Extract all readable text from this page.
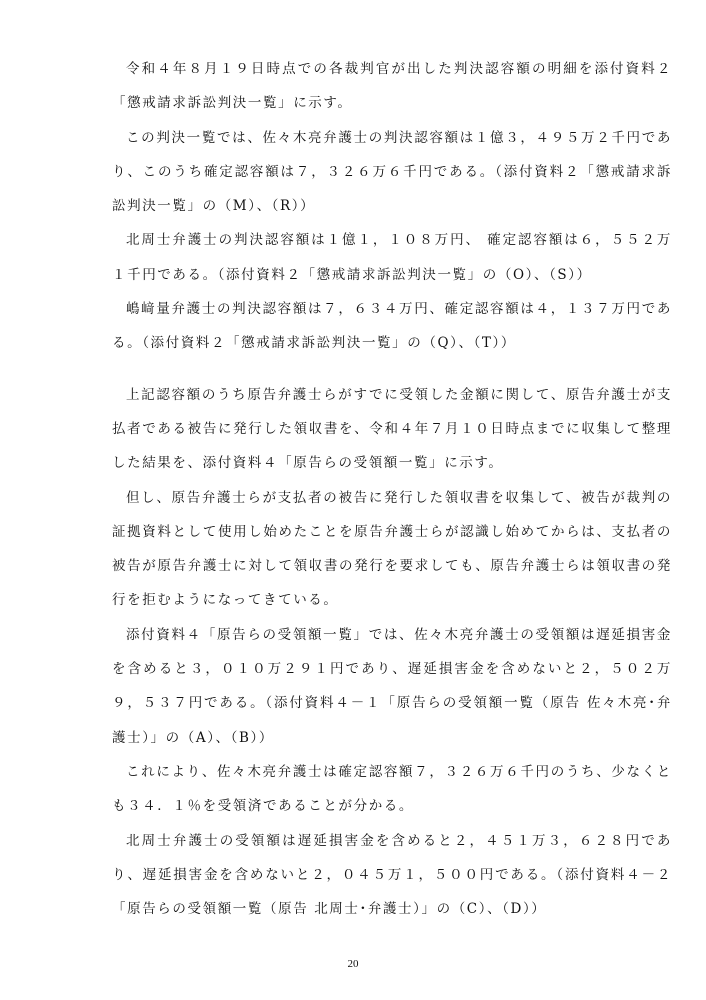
令和４年８月１９日時点での各裁判官が出した判決認容額の明細を添付資料２「懲戒請求訴訟判決一覧」に示す。

この判決一覧では、佐々木亮弁護士の判決認容額は１億３，４９５万２千円であり、このうち確定認容額は７，３２６万６千円である。（添付資料２「懲戒請求訴訟判決一覧」の（M）、（R））

北周士弁護士の判決認容額は１億１，１０８万円、 確定認容額は６，５５２万１千円である。（添付資料２「懲戒請求訴訟判決一覧」の（O）、（S））

嶋﨑量弁護士の判決認容額は７，６３４万円、確定認容額は４，１３７万円である。（添付資料２「懲戒請求訴訟判決一覧」の（Q）、（T））

上記認容額のうち原告弁護士らがすでに受領した金額に関して、原告弁護士が支払者である被告に発行した領収書を、令和４年７月１０日時点までに収集して整理した結果を、添付資料４「原告らの受領額一覧」に示す。

但し、原告弁護士らが支払者の被告に発行した領収書を収集して、被告が裁判の証拠資料として使用し始めたことを原告弁護士らが認識し始めてからは、支払者の被告が原告弁護士に対して領収書の発行を要求しても、原告弁護士らは領収書の発行を拒むようになってきている。

添付資料４「原告らの受領額一覧」では、佐々木亮弁護士の受領額は遅延損害金を含めると３，０１０万２９１円であり、遅延損害金を含めないと２，５０２万９，５３７円である。（添付資料４－１「原告らの受領額一覧（原告 佐々木亮･弁護士）」の（A）、（B））

これにより、佐々木亮弁護士は確定認容額７，３２６万６千円のうち、少なくとも３４．１％を受領済であることが分かる。

北周士弁護士の受領額は遅延損害金を含めると２，４５１万３，６２８円であり、遅延損害金を含めないと２，０４５万１，５００円である。（添付資料４－２「原告らの受領額一覧（原告 北周士･弁護士）」の（C）、（D））

20
